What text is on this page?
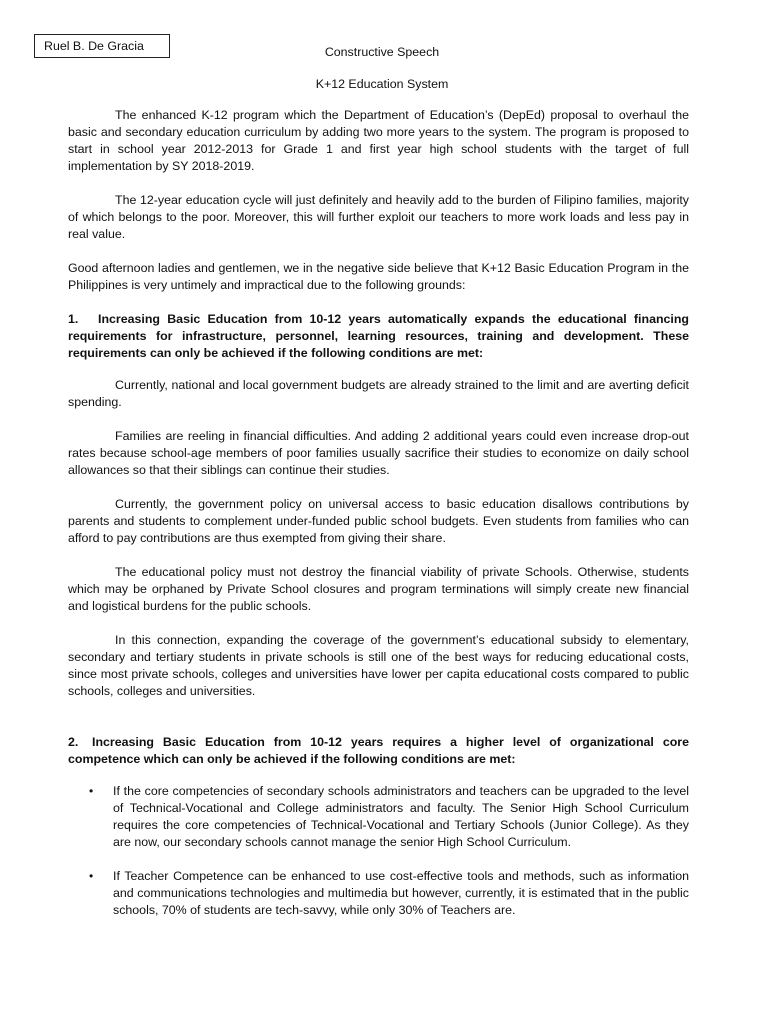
Ruel B. De Gracia	Constructive Speech
K+12 Education System

The enhanced K-12 program which the Department of Education’s (DepEd) proposal to overhaul the basic and secondary education curriculum by adding two more years to the system. The program is proposed to start in school year 2012-2013 for Grade 1 and first year high school students with the target of full implementation by SY 2018-2019.

The 12-year education cycle will just definitely and heavily add to the burden of Filipino families, majority of which belongs to the poor. Moreover, this will further exploit our teachers to more work loads and less pay in real value.

Good afternoon ladies and gentlemen, we in the negative side believe that K+12 Basic Education Program in the Philippines is very untimely and impractical due to the following grounds:

1. Increasing Basic Education from 10-12 years automatically expands the educational financing requirements for infrastructure, personnel, learning resources, training and development. These requirements can only be achieved if the following conditions are met:

Currently, national and local government budgets are already strained to the limit and are averting deficit spending.

Families are reeling in financial difficulties. And adding 2 additional years could even increase drop-out rates because school-age members of poor families usually sacrifice their studies to economize on daily school allowances so that their siblings can continue their studies.

Currently, the government policy on universal access to basic education disallows contributions by parents and students to complement under-funded public school budgets. Even students from families who can afford to pay contributions are thus exempted from giving their share.

The educational policy must not destroy the financial viability of private Schools. Otherwise, students which may be orphaned by Private School closures and program terminations will simply create new financial and logistical burdens for the public schools.

In this connection, expanding the coverage of the government’s educational subsidy to elementary, secondary and tertiary students in private schools is still one of the best ways for reducing educational costs, since most private schools, colleges and universities have lower per capita educational costs compared to public schools, colleges and universities.

2. Increasing Basic Education from 10-12 years requires a higher level of organizational core competence which can only be achieved if the following conditions are met:

• If the core competencies of secondary schools administrators and teachers can be upgraded to the level of Technical-Vocational and College administrators and faculty. The Senior High School Curriculum requires the core competencies of Technical-Vocational and Tertiary Schools (Junior College). As they are now, our secondary schools cannot manage the senior High School Curriculum.
• If Teacher Competence can be enhanced to use cost-effective tools and methods, such as information and communications technologies and multimedia but however, currently, it is estimated that in the public schools, 70% of students are tech-savvy, while only 30% of Teachers are.
